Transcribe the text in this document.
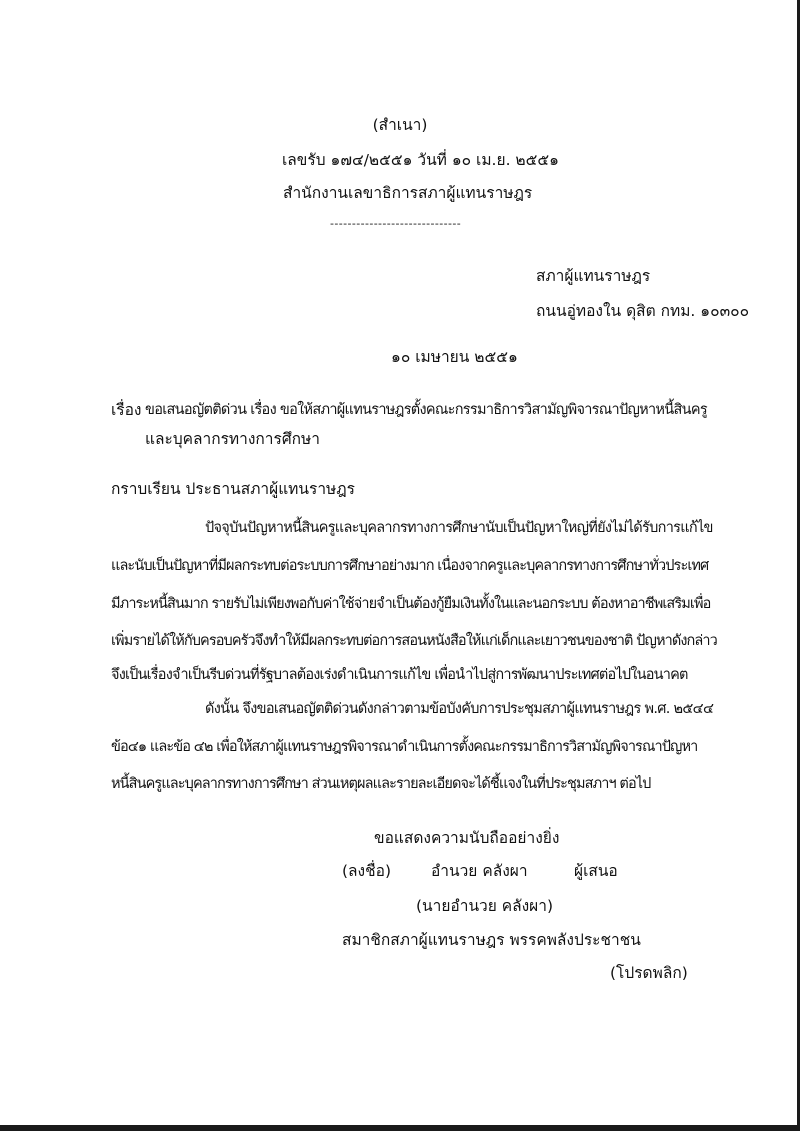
(สำเนา)
เลขรับ ๑๗๔/๒๕๕๑ วันที่ ๑๐ เม.ย. ๒๕๕๑
สำนักงานเลขาธิการสภาผู้แทนราษฎร
------------------------------
สภาผู้แทนราษฎร
ถนนอู่ทองใน ดุสิต กทม. ๑๐๓๐๐
๑๐ เมษายน ๒๕๕๑
เรื่อง ขอเสนอญัตติด่วน เรื่อง ขอให้สภาผู้แทนราษฎรตั้งคณะกรรมาธิการวิสามัญพิจารณาปัญหาหนี้สินครู
และบุคลากรทางการศึกษา
กราบเรียน ประธานสภาผู้แทนราษฎร
ปัจจุบันปัญหาหนี้สินครูและบุคลากรทางการศึกษานับเป็นปัญหาใหญ่ที่ยังไม่ได้รับการแก้ไข
และนับเป็นปัญหาที่มีผลกระทบต่อระบบการศึกษาอย่างมาก เนื่องจากครูและบุคลากรทางการศึกษาทั่วประเทศ
มีภาระหนี้สินมาก รายรับไม่เพียงพอกับค่าใช้จ่ายจำเป็นต้องกู้ยืมเงินทั้งในและนอกระบบ ต้องหาอาชีพเสริมเพื่อ
เพิ่มรายได้ให้กับครอบครัวจึงทำให้มีผลกระทบต่อการสอนหนังสือให้แก่เด็กและเยาวชนของชาติ ปัญหาดังกล่าว
จึงเป็นเรื่องจำเป็นรีบด่วนที่รัฐบาลต้องเร่งดำเนินการแก้ไข เพื่อนำไปสู่การพัฒนาประเทศต่อไปในอนาคต
ดังนั้น จึงขอเสนอญัตติด่วนดังกล่าวตามข้อบังคับการประชุมสภาผู้แทนราษฎร พ.ศ. ๒๕๔๔
ข้อ๔๑ และข้อ ๔๒ เพื่อให้สภาผู้แทนราษฎรพิจารณาดำเนินการตั้งคณะกรรมาธิการวิสามัญพิจารณาปัญหา
หนี้สินครูและบุคลากรทางการศึกษา ส่วนเหตุผลและรายละเอียดจะได้ชี้แจงในที่ประชุมสภาฯ ต่อไป
ขอแสดงความนับถืออย่างยิ่ง
(ลงชื่อ)	อำนวย คลังผา	ผู้เสนอ
(นายอำนวย คลังผา)
สมาชิกสภาผู้แทนราษฎร พรรคพลังประชาชน
(โปรดพลิก)
